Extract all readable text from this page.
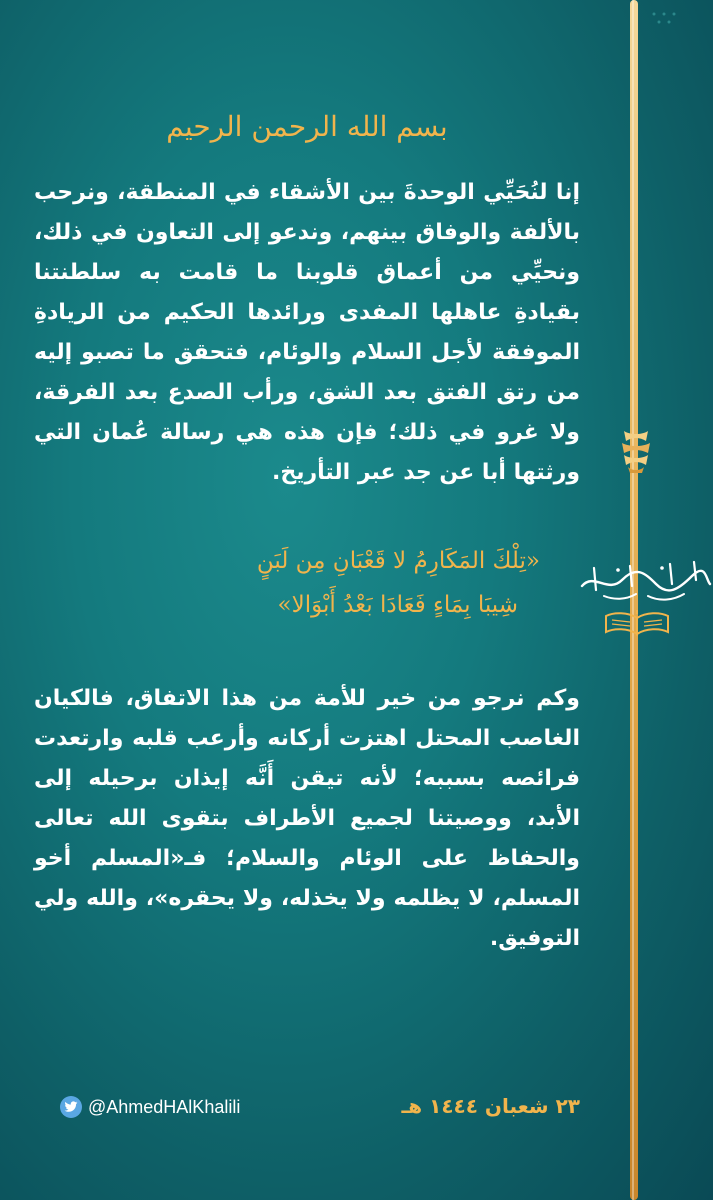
بسم الله الرحمن الرحيم

إنا لنُحَيِّي الوحدةَ بين الأشقاء في المنطقة، ونرحب بالألفة والوفاق بينهم، وندعو إلى التعاون في ذلك، ونحيِّي من أعماق قلوبنا ما قامت به سلطنتنا بقيادةِ عاهلها المفدى ورائدها الحكيم من الريادةِ الموفقة لأجل السلام والوئام، فتحقق ما تصبو إليه من رتق الفتق بعد الشق، ورأب الصدع بعد الفرقة، ولا غرو في ذلك؛ فإن هذه هي رسالة عُمان التي ورثتها أبا عن جد عبر التأريخ.

«تِلْكَ المَكَارِمُ لا قَعْبَانِ مِن لَبَنٍ
شِيبَا بِمَاءٍ فَعَادَا بَعْدُ أَبْوَالا»

وكم نرجو من خير للأمة من هذا الاتفاق، فالكيان الغاصب المحتل اهتزت أركانه وأرعب قلبه وارتعدت فرائصه بسببه؛ لأنه تيقن أَنَّه إيذان برحيله إلى الأبد، ووصيتنا لجميع الأطراف بتقوى الله تعالى والحفاظ على الوئام والسلام؛ فـ«المسلم أخو المسلم، لا يظلمه ولا يخذله، ولا يحقره»، والله ولي التوفيق.

@AhmedHAlKhalili	٢٣ شعبان ١٤٤٤ هـ
